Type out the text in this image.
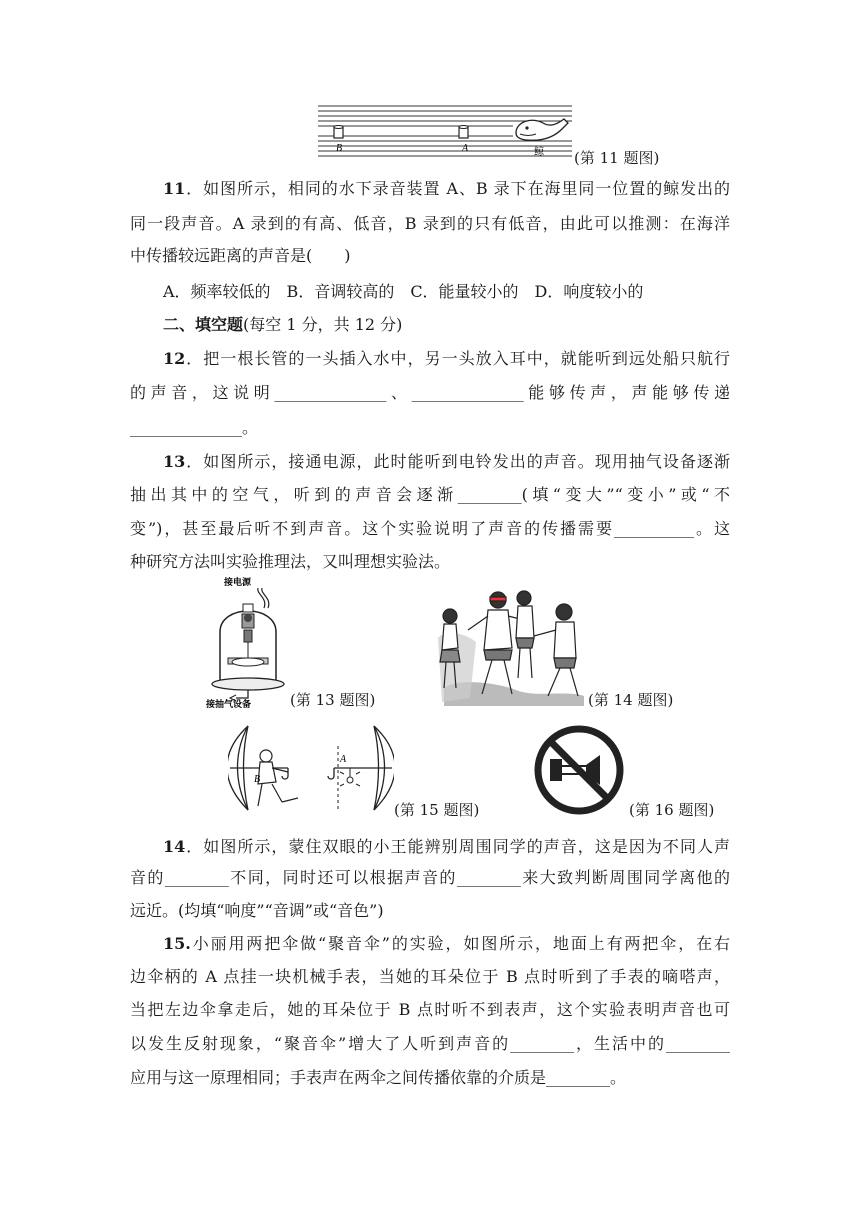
B	A	鲸 (第 11 题图)
11．如图所示，相同的水下录音装置 A、B 录下在海里同一位置的鲸发出的
同一段声音。A 录到的有高、低音，B 录到的只有低音，由此可以推测：在海洋
中传播较远距离的声音是(　　)
A．频率较低的　B．音调较高的　C．能量较小的　D．响度较小的
二、填空题(每空 1 分，共 12 分)
12．把一根长管的一头插入水中，另一头放入耳中，就能听到远处船只航行
的声音，这说明______________、______________能够传声，声能够传递
______________。
13．如图所示，接通电源，此时能听到电铃发出的声音。现用抽气设备逐渐
抽出其中的空气，听到的声音会逐渐________(填“变大”“变小”或“不
变”)，甚至最后听不到声音。这个实验说明了声音的传播需要__________。这
种研究方法叫实验推理法，又叫理想实验法。
接电源
接抽气设备	(第 13 题图)	(第 14 题图)
B
A
(第 15 题图)	(第 16 题图)
14．如图所示，蒙住双眼的小王能辨别周围同学的声音，这是因为不同人声
音的________不同，同时还可以根据声音的________来大致判断周围同学离他的
远近。(均填“响度”“音调”或“音色”)
15.小丽用两把伞做“聚音伞”的实验，如图所示，地面上有两把伞，在右
边伞柄的 A 点挂一块机械手表，当她的耳朵位于 B 点时听到了手表的嘀嗒声，
当把左边伞拿走后，她的耳朵位于 B 点时听不到表声，这个实验表明声音也可
以发生反射现象，“聚音伞”增大了人听到声音的________，生活中的________
应用与这一原理相同；手表声在两伞之间传播依靠的介质是________。
